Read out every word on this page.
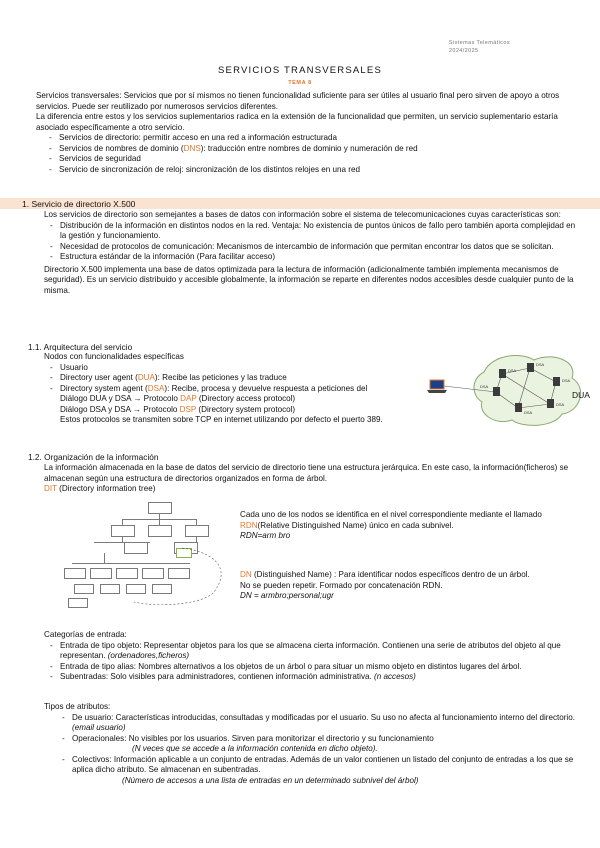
Sistemas Telemáticos
2024/2025
SERVICIOS TRANSVERSALES
TEMA 8

Servicios transversales: Servicios que por sí mismos no tienen funcionalidad suficiente para ser útiles al usuario final pero sirven de apoyo a otros servicios. Puede ser reutilizado por numerosos servicios diferentes.

La diferencia entre estos y los servicios suplementarios radica en la extensión de la funcionalidad que permiten, un servicio suplementario estaría asociado específicamente a otro servicio.

- Servicios de directorio: permitir acceso en una red a información estructurada
- Servicios de nombres de dominio (DNS): traducción entre nombres de dominio y numeración de red
- Servicios de seguridad
- Servicio de sincronización de reloj: sincronización de los distintos relojes en una red
1. Servicio de directorio X.500

Los servicios de directorio son semejantes a bases de datos con información sobre el sistema de telecomunicaciones cuyas características son:

- Distribución de la información en distintos nodos en la red. Ventaja: No existencia de puntos únicos de fallo pero también aporta complejidad en la gestión y funcionamiento.
- Necesidad de protocolos de comunicación: Mecanismos de intercambio de información que permitan encontrar los datos que se solicitan.
- Estructura estándar de la información (Para facilitar acceso)

Directorio X.500 implementa una base de datos optimizada para la lectura de información (adicionalmente también implementa mecanismos de seguridad). Es un servicio distribuido y accesible globalmente, la información se reparte en diferentes nodos accesibles desde cualquier punto de la misma.

1.1. Arquitectura del servicio

Nodos con funcionalidades específicas

- Usuario
- Directory user agent (DUA): Recibe las peticiones y las traduce
- Directory system agent (DSA): Recibe, procesa y devuelve respuesta a peticiones del
Diálogo DUA y DSA → Protocolo DAP (Directory access protocol)
Diálogo DSA y DSA → Protocolo DSP (Directory system protocol)
Estos protocolos se transmiten sobre TCP en internet utilizando por defecto el puerto 389.
DSA
DSA
DSA
DSA
DSA
DSA
DUA
1.2. Organización de la información

La información almacenada en la base de datos del servicio de directorio tiene una estructura jerárquica. En este caso, la información(ficheros) se almacenan según una estructura de directorios organizados en forma de árbol.

DIT (Directory information tree)

Cada uno de los nodos se identifica en el nivel correspondiente mediante el llamado

RDN(Relative Distinguished Name) único en cada subnivel.

RDN=arm bro

DN (Distinguished Name) : Para identificar nodos específicos dentro de un árbol.

No se pueden repetir. Formado por concatenación RDN.

DN = armbro;personal;ugr

Categorías de entrada:

- Entrada de tipo objeto: Representar objetos para los que se almacena cierta información. Contienen una serie de atributos del objeto al que representan. (ordenadores,ficheros)
- Entrada de tipo alias: Nombres alternativos a los objetos de un árbol o para situar un mismo objeto en distintos lugares del árbol.
- Subentradas: Solo visibles para administradores, contienen información administrativa. (n accesos)

Tipos de atributos:

- De usuario: Características introducidas, consultadas y modificadas por el usuario. Su uso no afecta al funcionamiento interno del directorio. (email usuario)
- Operacionales: No visibles por los usuarios. Sirven para monitorizar el directorio y su funcionamiento
(N veces que se accede a la información contenida en dicho objeto).
- Colectivos: Información aplicable a un conjunto de entradas. Además de un valor contienen un listado del conjunto de entradas a los que se aplica dicho atributo. Se almacenan en subentradas.
(Número de accesos a una lista de entradas en un determinado subnivel del árbol)
